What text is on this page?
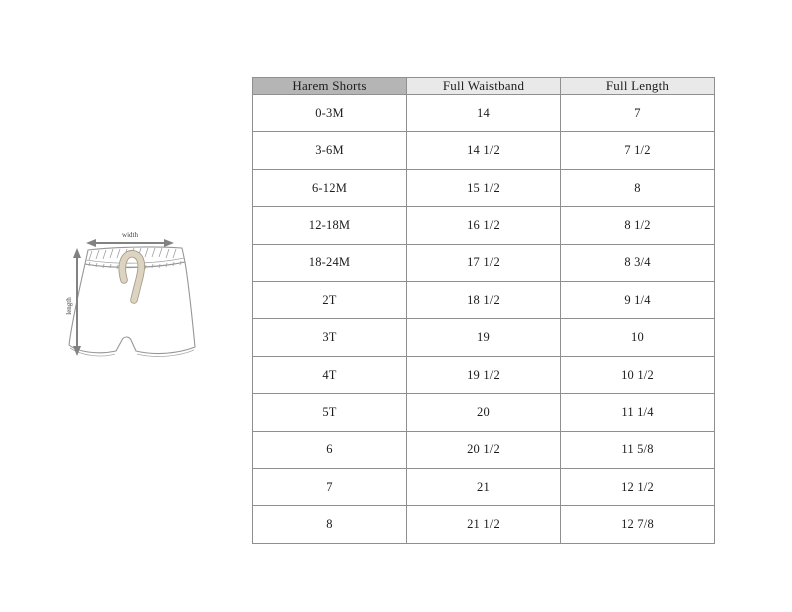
width
length
Harem Shorts	Full Waistband	Full Length
0-3M	14	7
3-6M	14 1/2	7 1/2
6-12M	15 1/2	8
12-18M	16 1/2	8 1/2
18-24M	17 1/2	8 3/4
2T	18 1/2	9 1/4
3T	19	10
4T	19 1/2	10 1/2
5T	20	11 1/4
6	20 1/2	11 5/8
7	21	12 1/2
8	21 1/2	12 7/8
